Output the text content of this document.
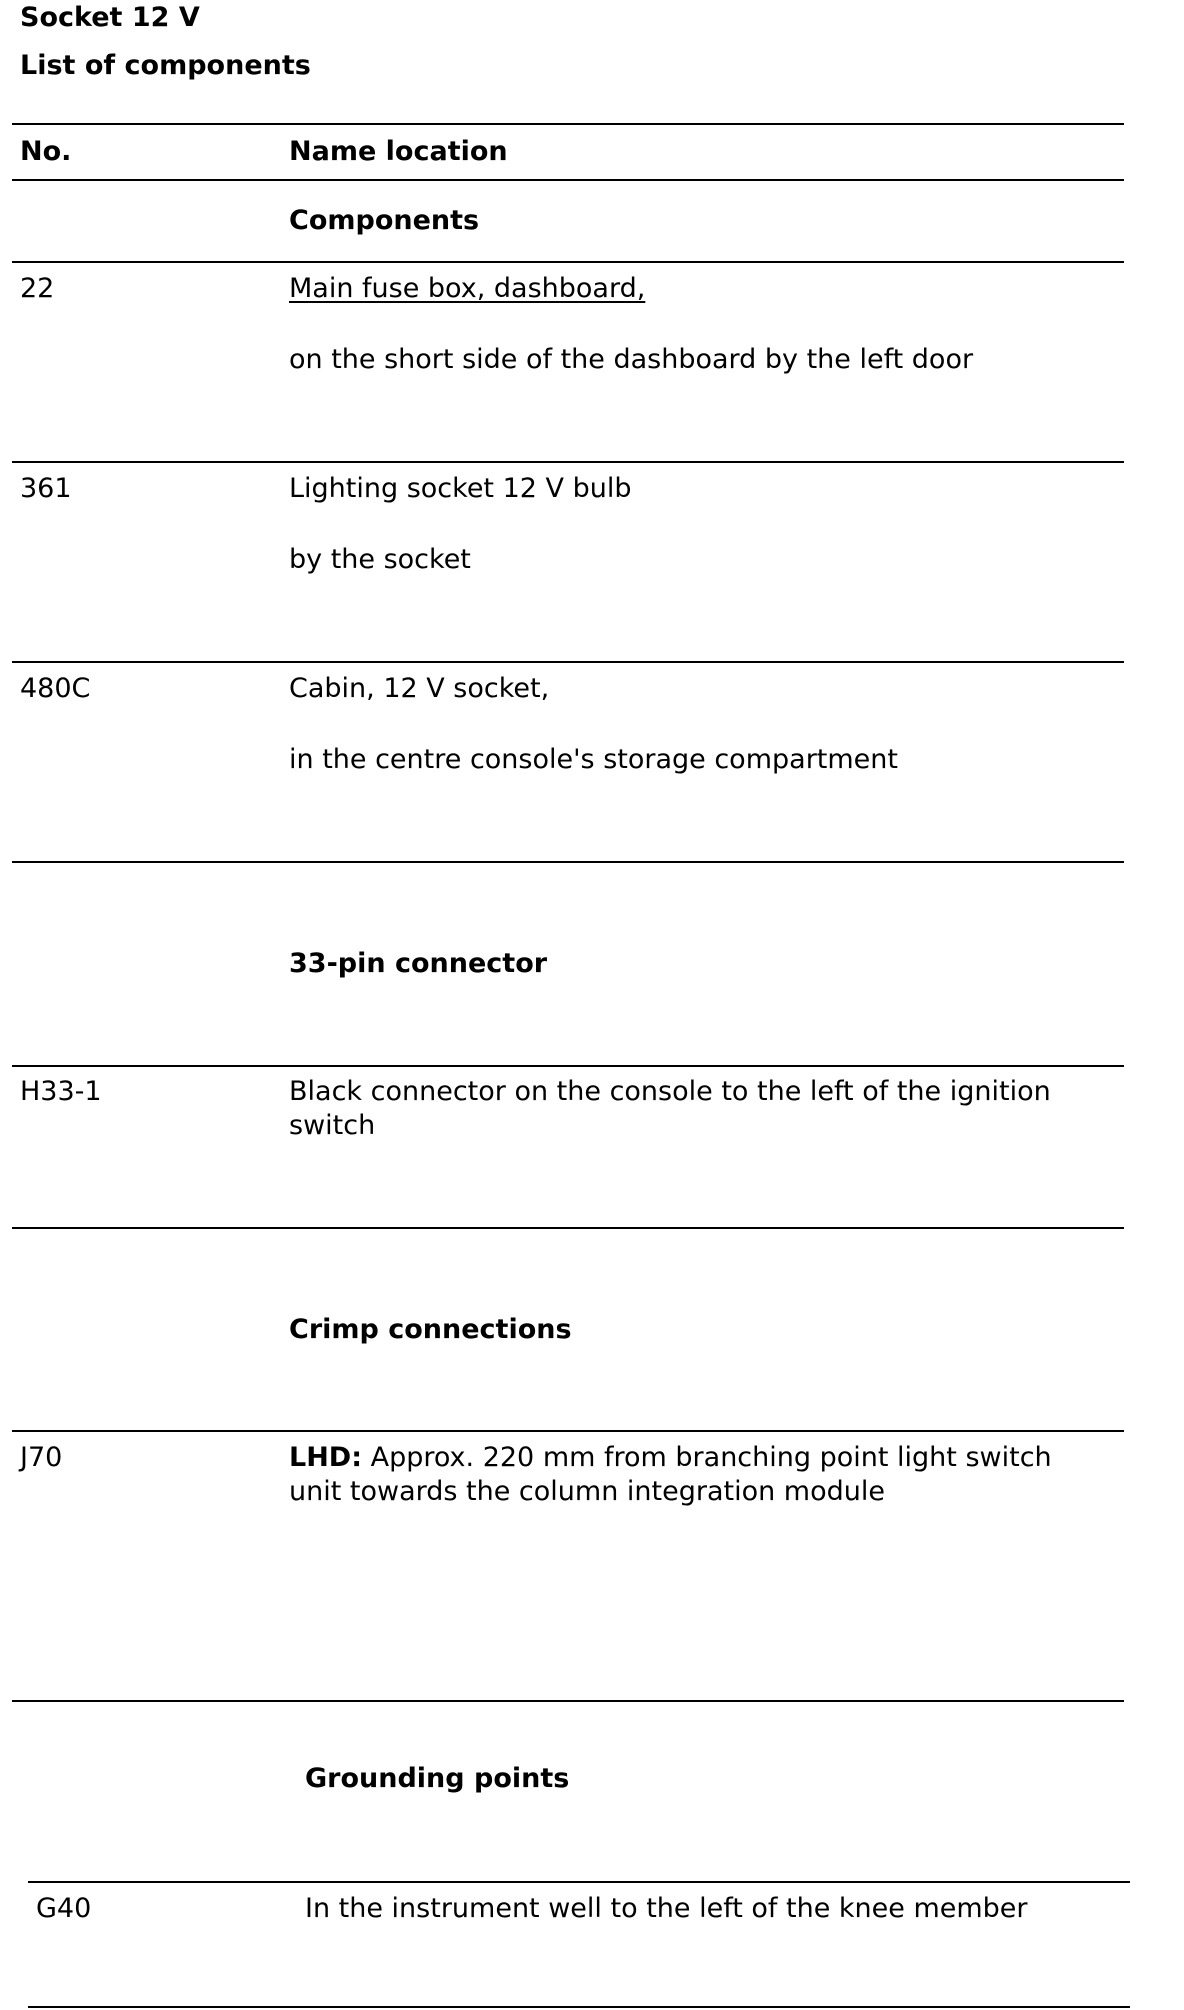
Socket 12 V
List of components
No.	Name location
Components
22	Main fuse box, dashboard,
on the short side of the dashboard by the left door
361	Lighting socket 12 V bulb
by the socket
480C	Cabin, 12 V socket,
in the centre console's storage compartment
33-pin connector
H33-1	Black connector on the console to the left of the ignition switch
Crimp connections
J70	LHD: Approx. 220 mm from branching point light switch unit towards the column integration module
Grounding points
G40	In the instrument well to the left of the knee member
